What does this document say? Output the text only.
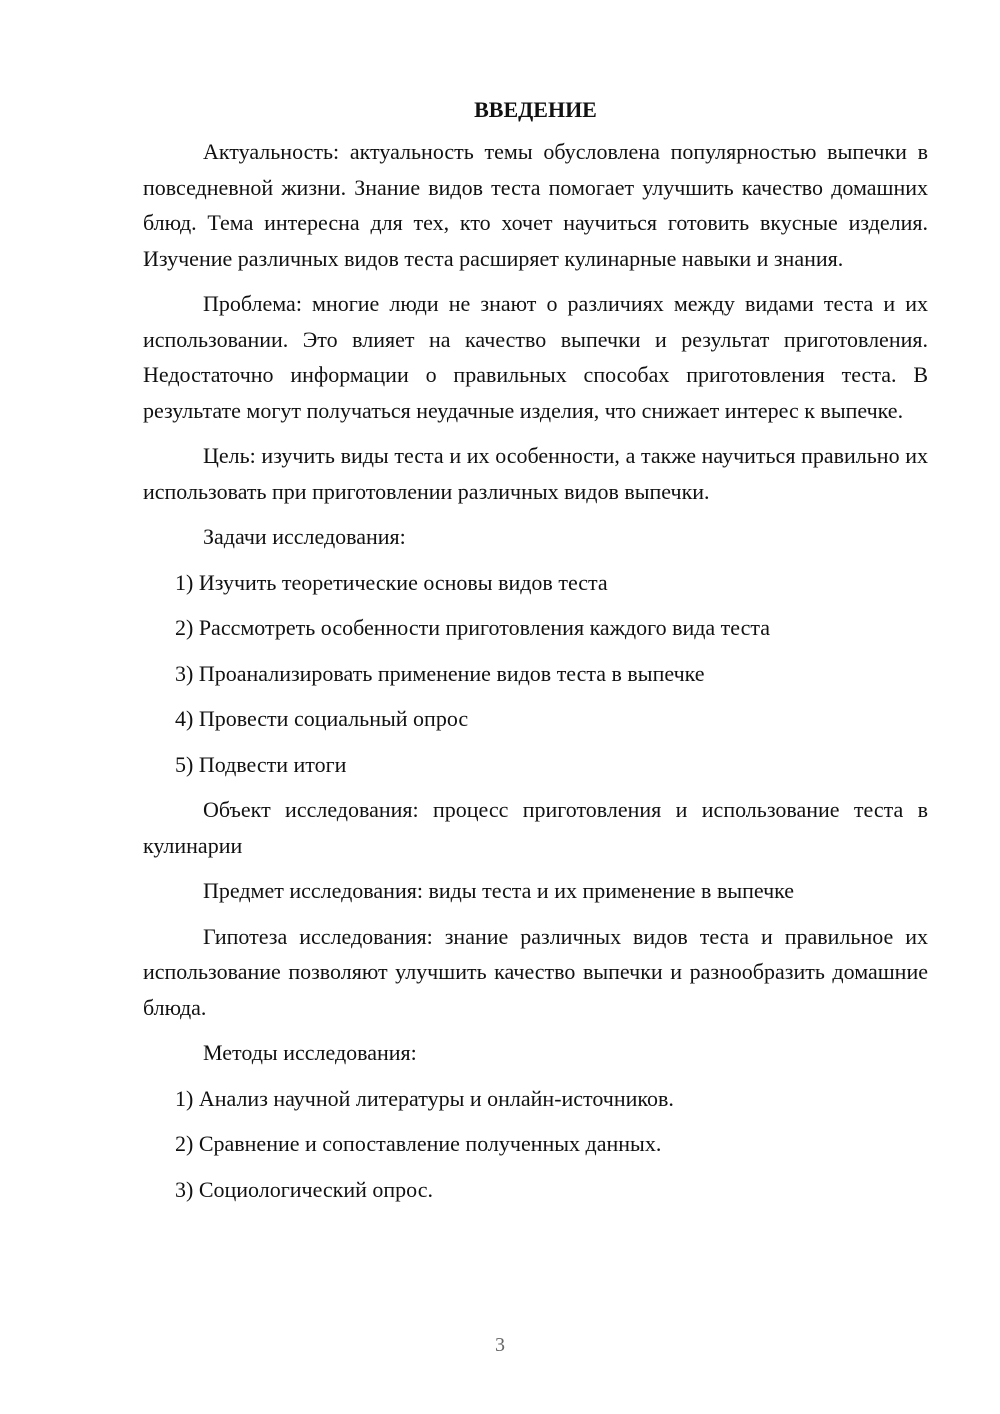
ВВЕДЕНИЕ

Актуальность: актуальность темы обусловлена популярностью выпечки в повседневной жизни. Знание видов теста помогает улучшить качество домашних блюд. Тема интересна для тех, кто хочет научиться готовить вкусные изделия. Изучение различных видов теста расширяет кулинарные навыки и знания.

Проблема: многие люди не знают о различиях между видами теста и их использовании. Это влияет на качество выпечки и результат приготовления. Недостаточно информации о правильных способах приготовления теста. В результате могут получаться неудачные изделия, что снижает интерес к выпечке.

Цель: изучить виды теста и их особенности, а также научиться правильно их использовать при приготовлении различных видов выпечки.

Задачи исследования:
1) Изучить теоретические основы видов теста
2) Рассмотреть особенности приготовления каждого вида теста
3) Проанализировать применение видов теста в выпечке
4) Провести социальный опрос
5) Подвести итоги

Объект исследования: процесс приготовления и использование теста в кулинарии

Предмет исследования: виды теста и их применение в выпечке

Гипотеза исследования: знание различных видов теста и правильное их использование позволяют улучшить качество выпечки и разнообразить домашние блюда.

Методы исследования:
1) Анализ научной литературы и онлайн-источников.
2) Сравнение и сопоставление полученных данных.
3) Социологический опрос.
3
